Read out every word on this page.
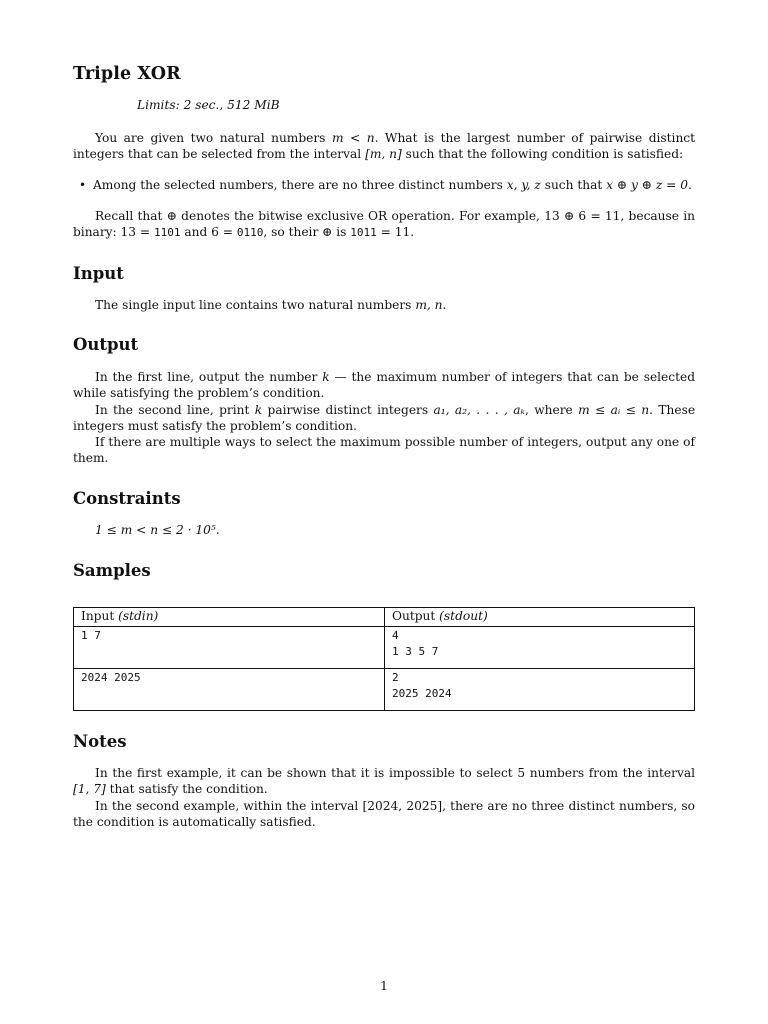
Triple XOR
Limits: 2 sec., 512 MiB

You are given two natural numbers m < n. What is the largest number of pairwise distinct integers that can be selected from the interval [m, n] such that the following condition is satisfied:

• Among the selected numbers, there are no three distinct numbers x, y, z such that x ⊕ y ⊕ z = 0.

Recall that ⊕ denotes the bitwise exclusive OR operation. For example, 13 ⊕ 6 = 11, because in binary: 13 = 1101 and 6 = 0110, so their ⊕ is 1011 = 11.

Input

The single input line contains two natural numbers m, n.

Output

In the first line, output the number k — the maximum number of integers that can be selected while satisfying the problem’s condition.

In the second line, print k pairwise distinct integers a₁, a₂, . . . , aₖ, where m ≤ aᵢ ≤ n. These integers must satisfy the problem’s condition.

If there are multiple ways to select the maximum possible number of integers, output any one of them.

Constraints

1 ≤ m < n ≤ 2 · 10⁵.

Samples
Input (stdin)	Output (stdout)

1 7	4
1 3 5 7

2024 2025	2
2025 2024
Notes

In the first example, it can be shown that it is impossible to select 5 numbers from the interval [1, 7] that satisfy the condition.

In the second example, within the interval [2024, 2025], there are no three distinct numbers, so the condition is automatically satisfied.

1
